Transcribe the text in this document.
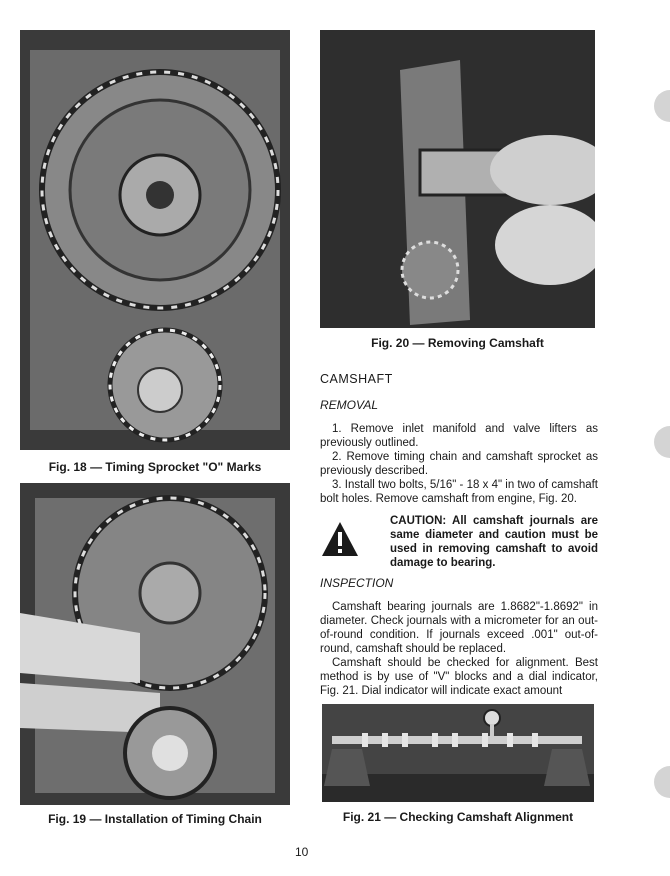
Fig. 18 — Timing Sprocket "O" Marks
Fig. 19 — Installation of Timing Chain
Fig. 20 — Removing Camshaft
CAMSHAFT
REMOVAL

1. Remove inlet manifold and valve lifters as previously outlined.

2. Remove timing chain and camshaft sprocket as previously described.

3. Install two bolts, 5/16" - 18 x 4" in two of camshaft bolt holes. Remove camshaft from engine, Fig. 20.

CAUTION: All camshaft journals are same diameter and caution must be used in removing camshaft to avoid damage to bearing.

INSPECTION

Camshaft bearing journals are 1.8682"-1.8692" in diameter. Check journals with a micrometer for an out-of-round condition. If journals exceed .001" out-of-round, camshaft should be replaced.

Camshaft should be checked for alignment. Best method is by use of "V" blocks and a dial indicator, Fig. 21. Dial indicator will indicate exact amount

Fig. 21 — Checking Camshaft Alignment
10
